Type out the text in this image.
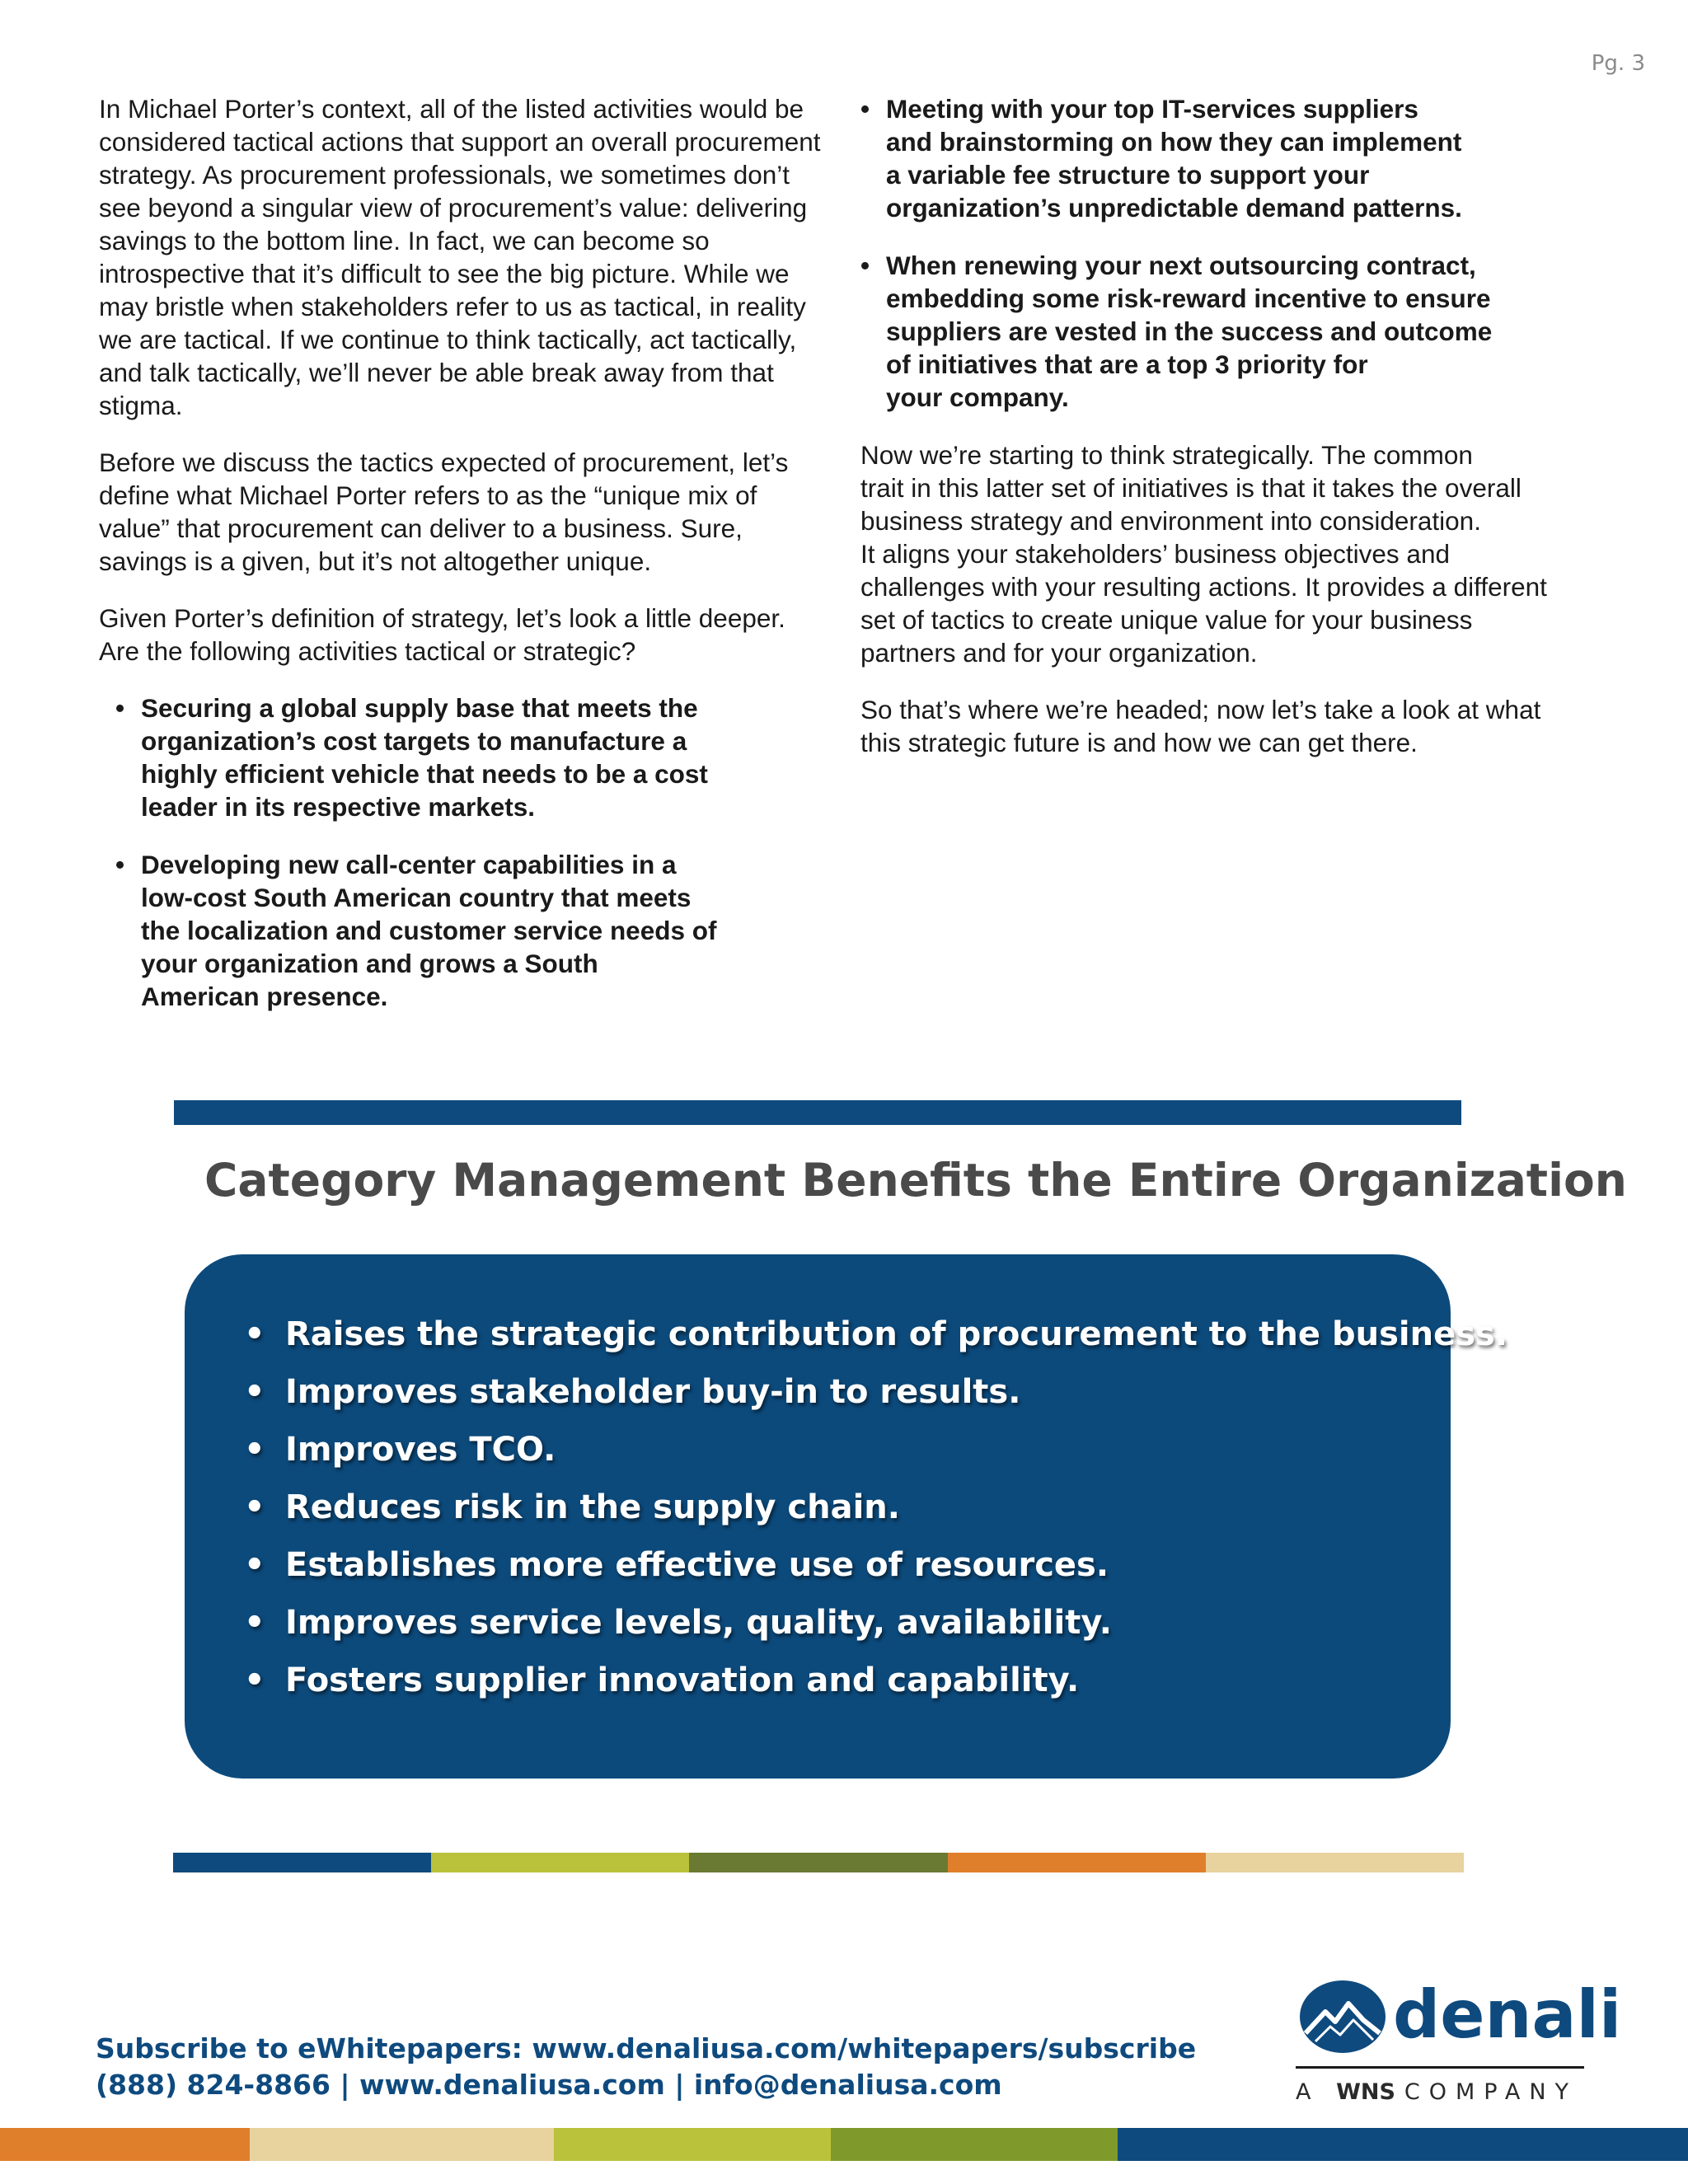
Pg. 3

In Michael Porter’s context, all of the listed activities would be
considered tactical actions that support an overall procurement
strategy. As procurement professionals, we sometimes don’t
see beyond a singular view of procurement’s value: delivering
savings to the bottom line. In fact, we can become so
introspective that it’s difficult to see the big picture. While we
may bristle when stakeholders refer to us as tactical, in reality
we are tactical. If we continue to think tactically, act tactically,
and talk tactically, we’ll never be able break away from that
stigma.

Before we discuss the tactics expected of procurement, let’s
define what Michael Porter refers to as the “unique mix of
value” that procurement can deliver to a business. Sure,
savings is a given, but it’s not altogether unique.

Given Porter’s definition of strategy, let’s look a little deeper.
Are the following activities tactical or strategic?

• Securing a global supply base that meets the
organization’s cost targets to manufacture a
highly efficient vehicle that needs to be a cost
leader in its respective markets.
• Developing new call-center capabilities in a
low-cost South American country that meets
the localization and customer service needs of
your organization and grows a South
American presence.
• Meeting with your top IT-services suppliers
and brainstorming on how they can implement
a variable fee structure to support your
organization’s unpredictable demand patterns.
• When renewing your next outsourcing contract,
embedding some risk-reward incentive to ensure
suppliers are vested in the success and outcome
of initiatives that are a top 3 priority for
your company.

Now we’re starting to think strategically. The common
trait in this latter set of initiatives is that it takes the overall
business strategy and environment into consideration.
It aligns your stakeholders’ business objectives and
challenges with your resulting actions. It provides a different
set of tactics to create unique value for your business
partners and for your organization.

So that’s where we’re headed; now let’s take a look at what
this strategic future is and how we can get there.

Category Management Benefits the Entire Organization
• Raises the strategic contribution of procurement to the business.
• Improves stakeholder buy-in to results.
• Improves TCO.
• Reduces risk in the supply chain.
• Establishes more effective use of resources.
• Improves service levels, quality, availability.
• Fosters supplier innovation and capability.
Subscribe to eWhitepapers: www.denaliusa.com/whitepapers/subscribe
(888) 824-8866 | www.denaliusa.com | info@denaliusa.com
denali
A WNS COMPANY
